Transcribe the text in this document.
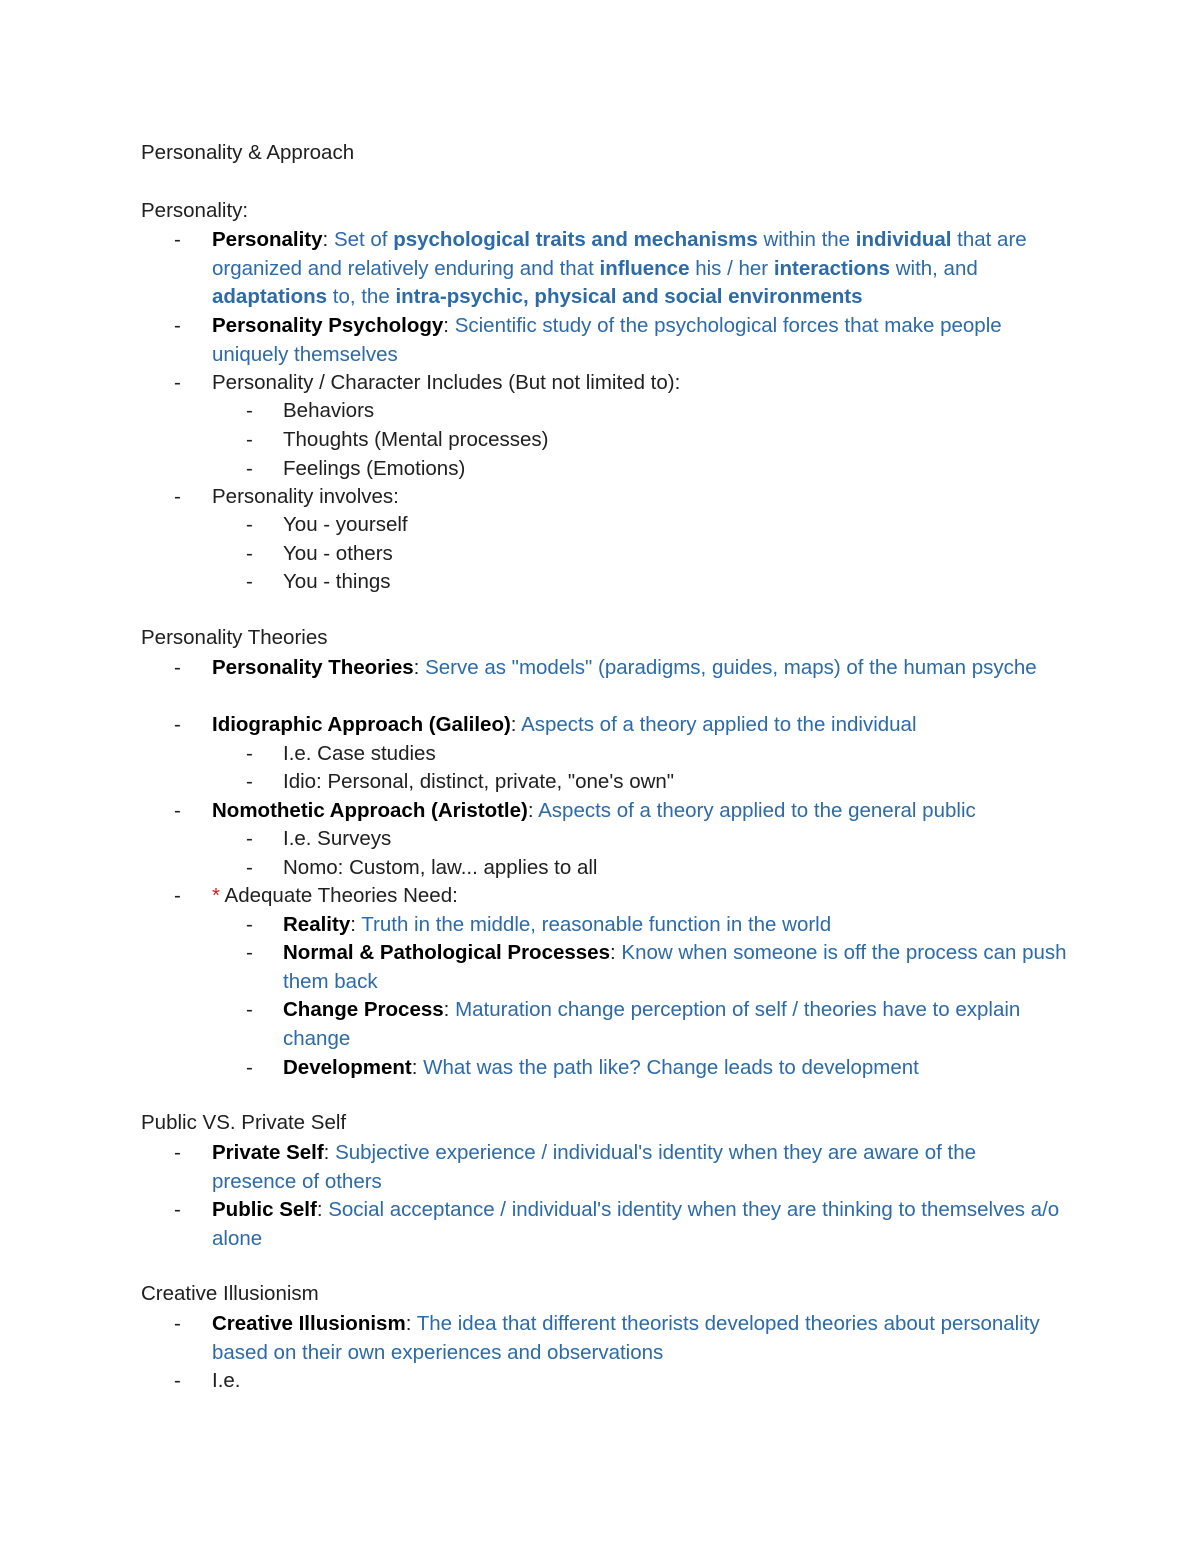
Personality & Approach
Personality:
- Personality: Set of psychological traits and mechanisms within the individual that are organized and relatively enduring and that influence his / her interactions with, and adaptations to, the intra-psychic, physical and social environments
- Personality Psychology: Scientific study of the psychological forces that make people uniquely themselves
- Personality / Character Includes (But not limited to):
- Behaviors
- Thoughts (Mental processes)
- Feelings (Emotions)
- Personality involves:
- You - yourself
- You - others
- You - things
Personality Theories
- Personality Theories: Serve as "models" (paradigms, guides, maps) of the human psyche
- Idiographic Approach (Galileo): Aspects of a theory applied to the individual
- I.e. Case studies
- Idio: Personal, distinct, private, "one's own"
- Nomothetic Approach (Aristotle): Aspects of a theory applied to the general public
- I.e. Surveys
- Nomo: Custom, law... applies to all
- * Adequate Theories Need:
- Reality: Truth in the middle, reasonable function in the world
- Normal & Pathological Processes: Know when someone is off the process can push them back
- Change Process: Maturation change perception of self / theories have to explain change
- Development: What was the path like? Change leads to development
Public VS. Private Self
- Private Self: Subjective experience / individual's identity when they are aware of the presence of others
- Public Self: Social acceptance / individual's identity when they are thinking to themselves a/o alone
Creative Illusionism
- Creative Illusionism: The idea that different theorists developed theories about personality based on their own experiences and observations
- I.e.
